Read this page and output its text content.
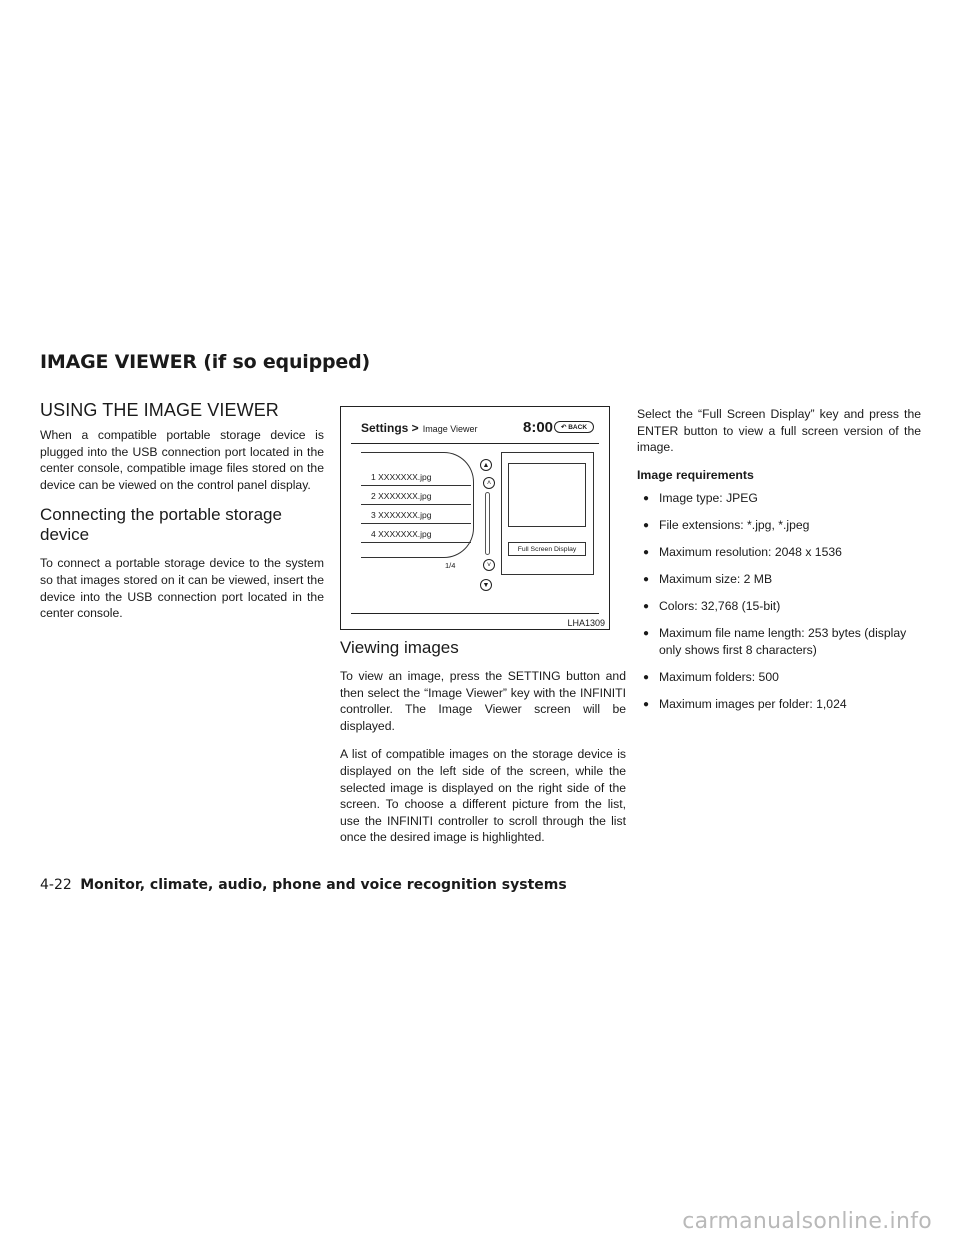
IMAGE VIEWER (if so equipped)
USING THE IMAGE VIEWER

When a compatible portable storage device is plugged into the USB connection port located in the center console, compatible image files stored on the device can be viewed on the control panel display.

Connecting the portable storage device

To connect a portable storage device to the system so that images stored on it can be viewed, insert the device into the USB connection port located in the center console.

Settings > Image Viewer	8:00	↶ BACK
1 XXXXXXX.jpg
2 XXXXXXX.jpg
3 XXXXXXX.jpg
4 XXXXXXX.jpg
1/4
▲
˄
˅
▼
Full Screen Display
LHA1309
Viewing images

To view an image, press the SETTING button and then select the “Image Viewer” key with the INFINITI controller. The Image Viewer screen will be displayed.

A list of compatible images on the storage device is displayed on the left side of the screen, while the selected image is displayed on the right side of the screen. To choose a different picture from the list, use the INFINITI controller to scroll through the list once the desired image is highlighted.

Select the “Full Screen Display” key and press the ENTER button to view a full screen version of the image.

Image requirements
● Image type: JPEG
● File extensions: *.jpg, *.jpeg
● Maximum resolution: 2048 x 1536
● Maximum size: 2 MB
● Colors: 32,768 (15-bit)
● Maximum file name length: 253 bytes (display only shows first 8 characters)
● Maximum folders: 500
● Maximum images per folder: 1,024
4-22 Monitor, climate, audio, phone and voice recognition systems
carmanualsonline.info
